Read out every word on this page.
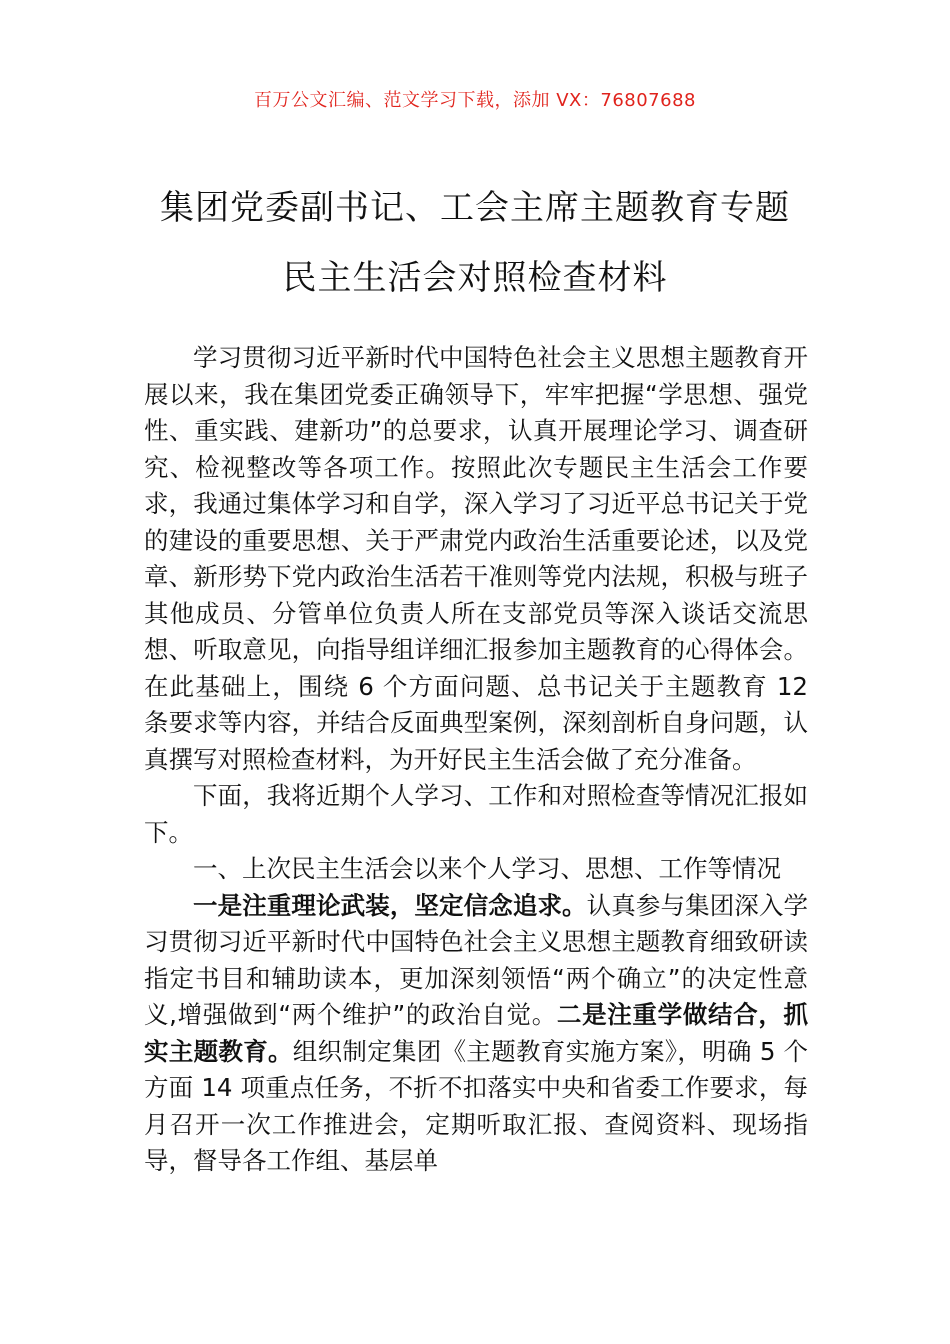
百万公文汇编、范文学习下载，添加 VX：76807688
集团党委副书记、工会主席主题教育专题
民主生活会对照检查材料

学习贯彻习近平新时代中国特色社会主义思想主题教育开展以来，我在集团党委正确领导下，牢牢把握“学思想、强党性、重实践、建新功”的总要求，认真开展理论学习、调查研究、检视整改等各项工作。按照此次专题民主生活会工作要求，我通过集体学习和自学，深入学习了习近平总书记关于党的建设的重要思想、关于严肃党内政治生活重要论述，以及党章、新形势下党内政治生活若干准则等党内法规，积极与班子其他成员、分管单位负责人所在支部党员等深入谈话交流思想、听取意见，向指导组详细汇报参加主题教育的心得体会。在此基础上，围绕 6 个方面问题、总书记关于主题教育 12 条要求等内容，并结合反面典型案例，深刻剖析自身问题，认真撰写对照检查材料，为开好民主生活会做了充分准备。

下面，我将近期个人学习、工作和对照检查等情况汇报如下。

一、上次民主生活会以来个人学习、思想、工作等情况

一是注重理论武装，坚定信念追求。认真参与集团深入学习贯彻习近平新时代中国特色社会主义思想主题教育细致研读指定书目和辅助读本，更加深刻领悟“两个确立”的决定性意义,增强做到“两个维护”的政治自觉。二是注重学做结合，抓实主题教育。组织制定集团《主题教育实施方案》，明确 5 个方面 14 项重点任务，不折不扣落实中央和省委工作要求，每月召开一次工作推进会，定期听取汇报、查阅资料、现场指导，督导各工作组、基层单
